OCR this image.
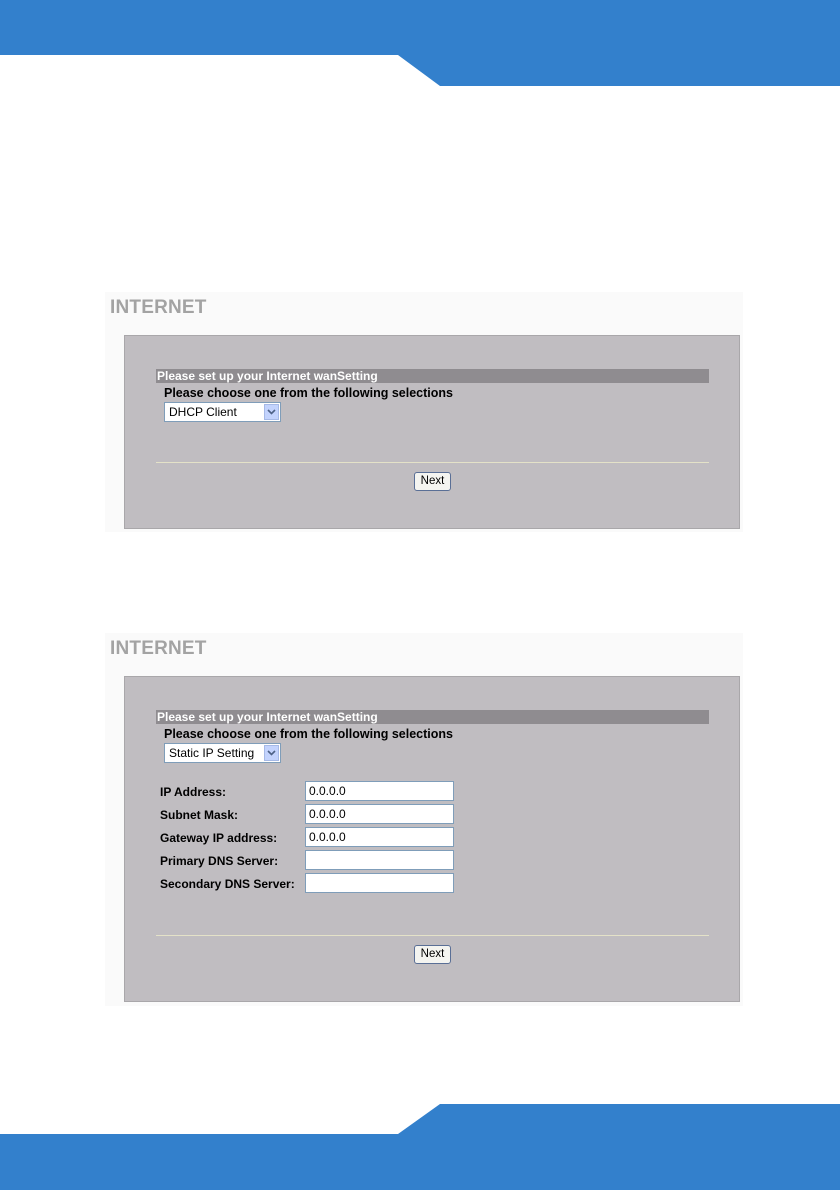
INTERNET
Please set up your Internet wanSetting
Please choose one from the following selections
DHCP Client
Next
INTERNET
Please set up your Internet wanSetting
Please choose one from the following selections
Static IP Setting
IP Address:
0.0.0.0
Subnet Mask:
0.0.0.0
Gateway IP address:
0.0.0.0
Primary DNS Server:
Secondary DNS Server:
Next
